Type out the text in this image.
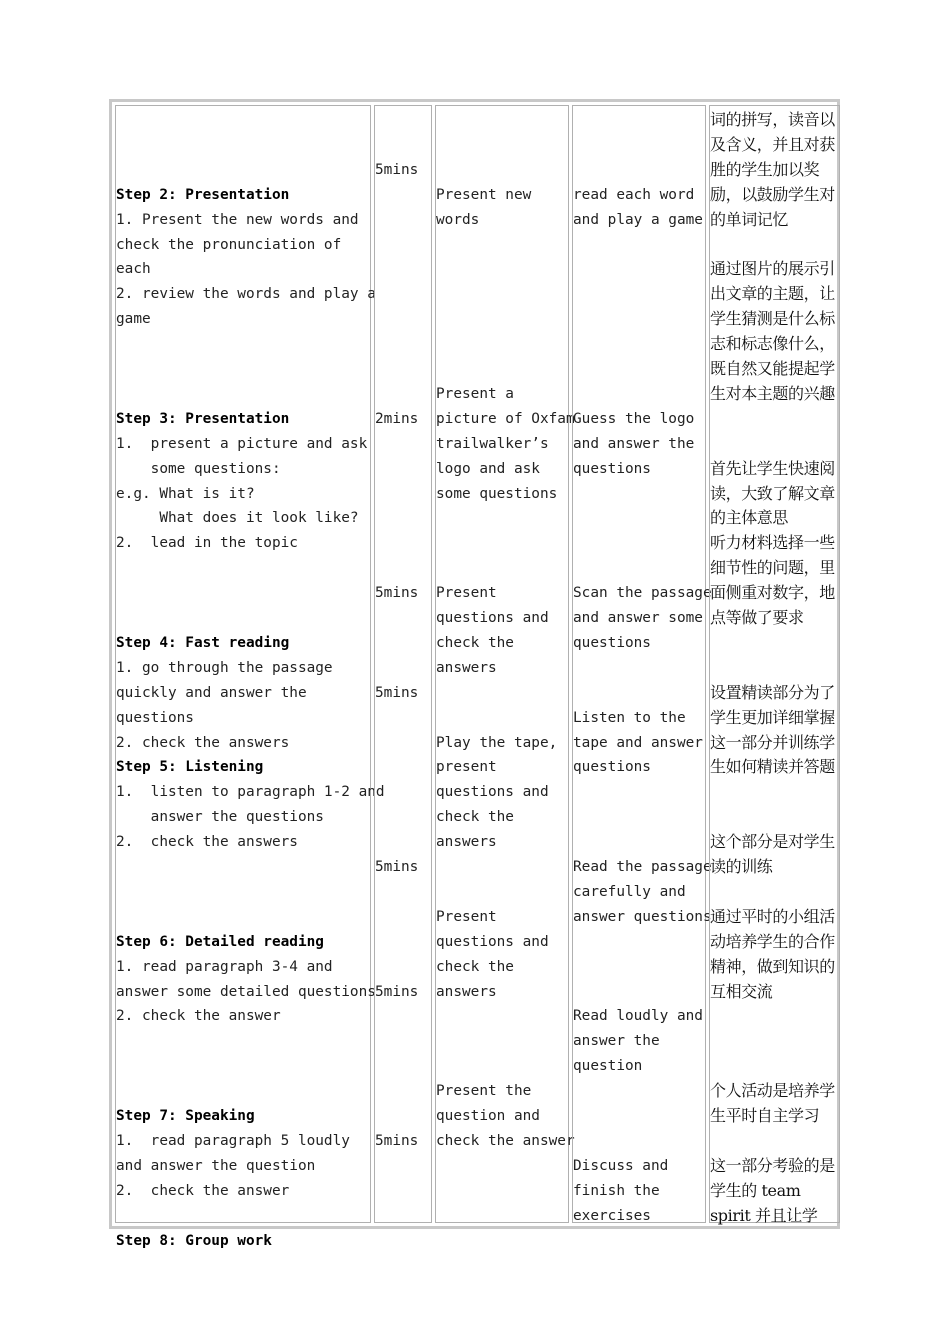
Step 2: Presentation
1. Present the new words and
check the pronunciation of
each
2. review the words and play a
game
Step 3: Presentation
1.  present a picture and ask
some questions:
e.g. What is it?
What does it look like?
2.  lead in the topic
Step 4: Fast reading
1. go through the passage
quickly and answer the
questions
2. check the answers
Step 5: Listening
1.  listen to paragraph 1-2 and
answer the questions
2.  check the answers
Step 6: Detailed reading
1. read paragraph 3-4 and
answer some detailed questions
2. check the answer
Step 7: Speaking
1.  read paragraph 5 loudly
and answer the question
2.  check the answer
Step 8: Group work
5mins
2mins
5mins
5mins
5mins
5mins
5mins
Present new
words
Present a
picture of Oxfam
trailwalker’s
logo and ask
some questions
Present
questions and
check the
answers
Play the tape,
present
questions and
check the
answers
Present
questions and
check the
answers
Present the
question and
check the answer
read each word
and play a game
Guess the logo
and answer the
questions
Scan the passage
and answer some
questions
Listen to the
tape and answer
questions
Read the passage
carefully and
answer questions
Read loudly and
answer the
question
Discuss and
finish the
exercises
词的拼写，读音以
及含义，并且对获
胜的学生加以奖
励，以鼓励学生对
的单词记忆
通过图片的展示引
出文章的主题，让
学生猜测是什么标
志和标志像什么，
既自然又能提起学
生对本主题的兴趣
首先让学生快速阅
读，大致了解文章
的主体意思
听力材料选择一些
细节性的问题，里
面侧重对数字，地
点等做了要求
设置精读部分为了
学生更加详细掌握
这一部分并训练学
生如何精读并答题
这个部分是对学生
读的训练
通过平时的小组活
动培养学生的合作
精神，做到知识的
互相交流
个人活动是培养学
生平时自主学习
这一部分考验的是
学生的 team
spirit 并且让学
